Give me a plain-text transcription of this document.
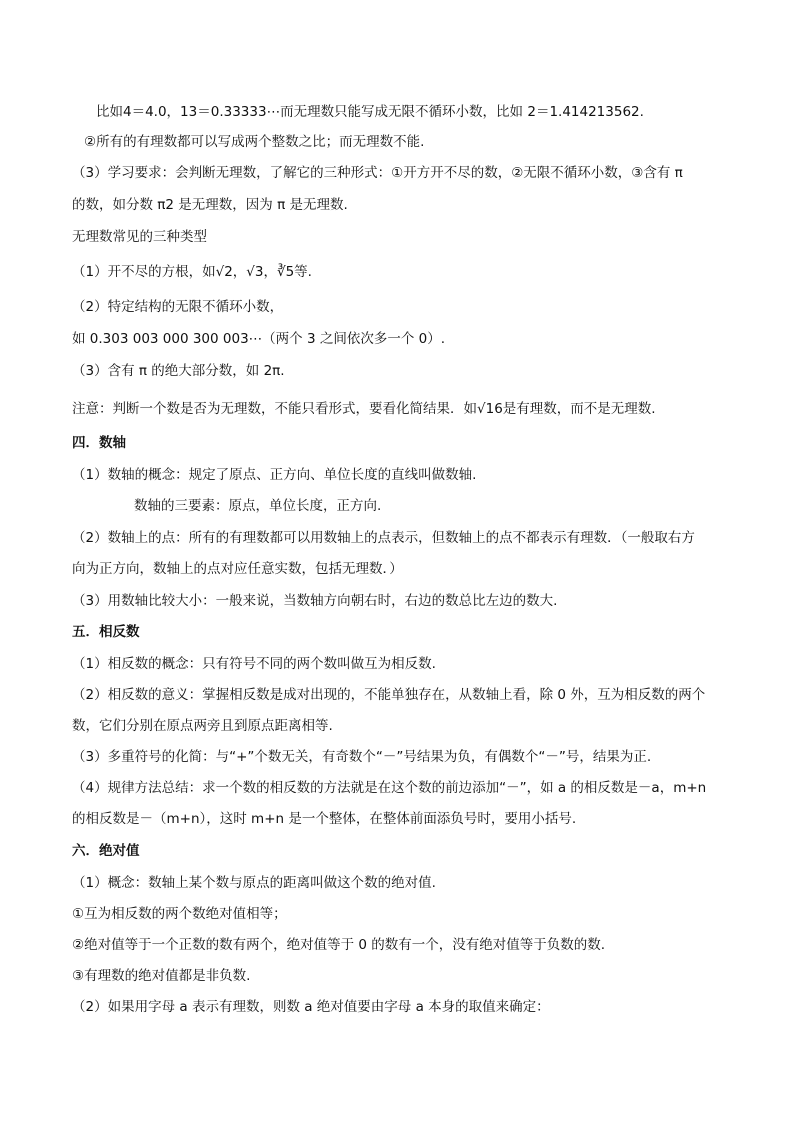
比如4＝4.0，13＝0.33333⋯而无理数只能写成无限不循环小数，比如 2＝1.414213562.
②所有的有理数都可以写成两个整数之比；而无理数不能.
（3）学习要求：会判断无理数，了解它的三种形式：①开方开不尽的数，②无限不循环小数，③含有 π
的数，如分数 π2 是无理数，因为 π 是无理数.
无理数常见的三种类型
（1）开不尽的方根，如√2，√3，∛5等.
（2）特定结构的无限不循环小数，
如 0.303 003 000 300 003⋯（两个 3 之间依次多一个 0）.
（3）含有 π 的绝大部分数，如 2π.
注意：判断一个数是否为无理数，不能只看形式，要看化简结果．如√16是有理数，而不是无理数.
四．数轴
（1）数轴的概念：规定了原点、正方向、单位长度的直线叫做数轴.
数轴的三要素：原点，单位长度，正方向.
（2）数轴上的点：所有的有理数都可以用数轴上的点表示，但数轴上的点不都表示有理数．（一般取右方
向为正方向，数轴上的点对应任意实数，包括无理数．）
（3）用数轴比较大小：一般来说，当数轴方向朝右时，右边的数总比左边的数大.
五．相反数
（1）相反数的概念：只有符号不同的两个数叫做互为相反数.
（2）相反数的意义：掌握相反数是成对出现的，不能单独存在，从数轴上看，除 0 外，互为相反数的两个
数，它们分别在原点两旁且到原点距离相等.
（3）多重符号的化简：与“+”个数无关，有奇数个“－”号结果为负，有偶数个“－”号，结果为正.
（4）规律方法总结：求一个数的相反数的方法就是在这个数的前边添加“－”，如 a 的相反数是－a，m+n
的相反数是－（m+n），这时 m+n 是一个整体，在整体前面添负号时，要用小括号.
六．绝对值
（1）概念：数轴上某个数与原点的距离叫做这个数的绝对值.
①互为相反数的两个数绝对值相等；
②绝对值等于一个正数的数有两个，绝对值等于 0 的数有一个，没有绝对值等于负数的数.
③有理数的绝对值都是非负数.
（2）如果用字母 a 表示有理数，则数 a 绝对值要由字母 a 本身的取值来确定：
